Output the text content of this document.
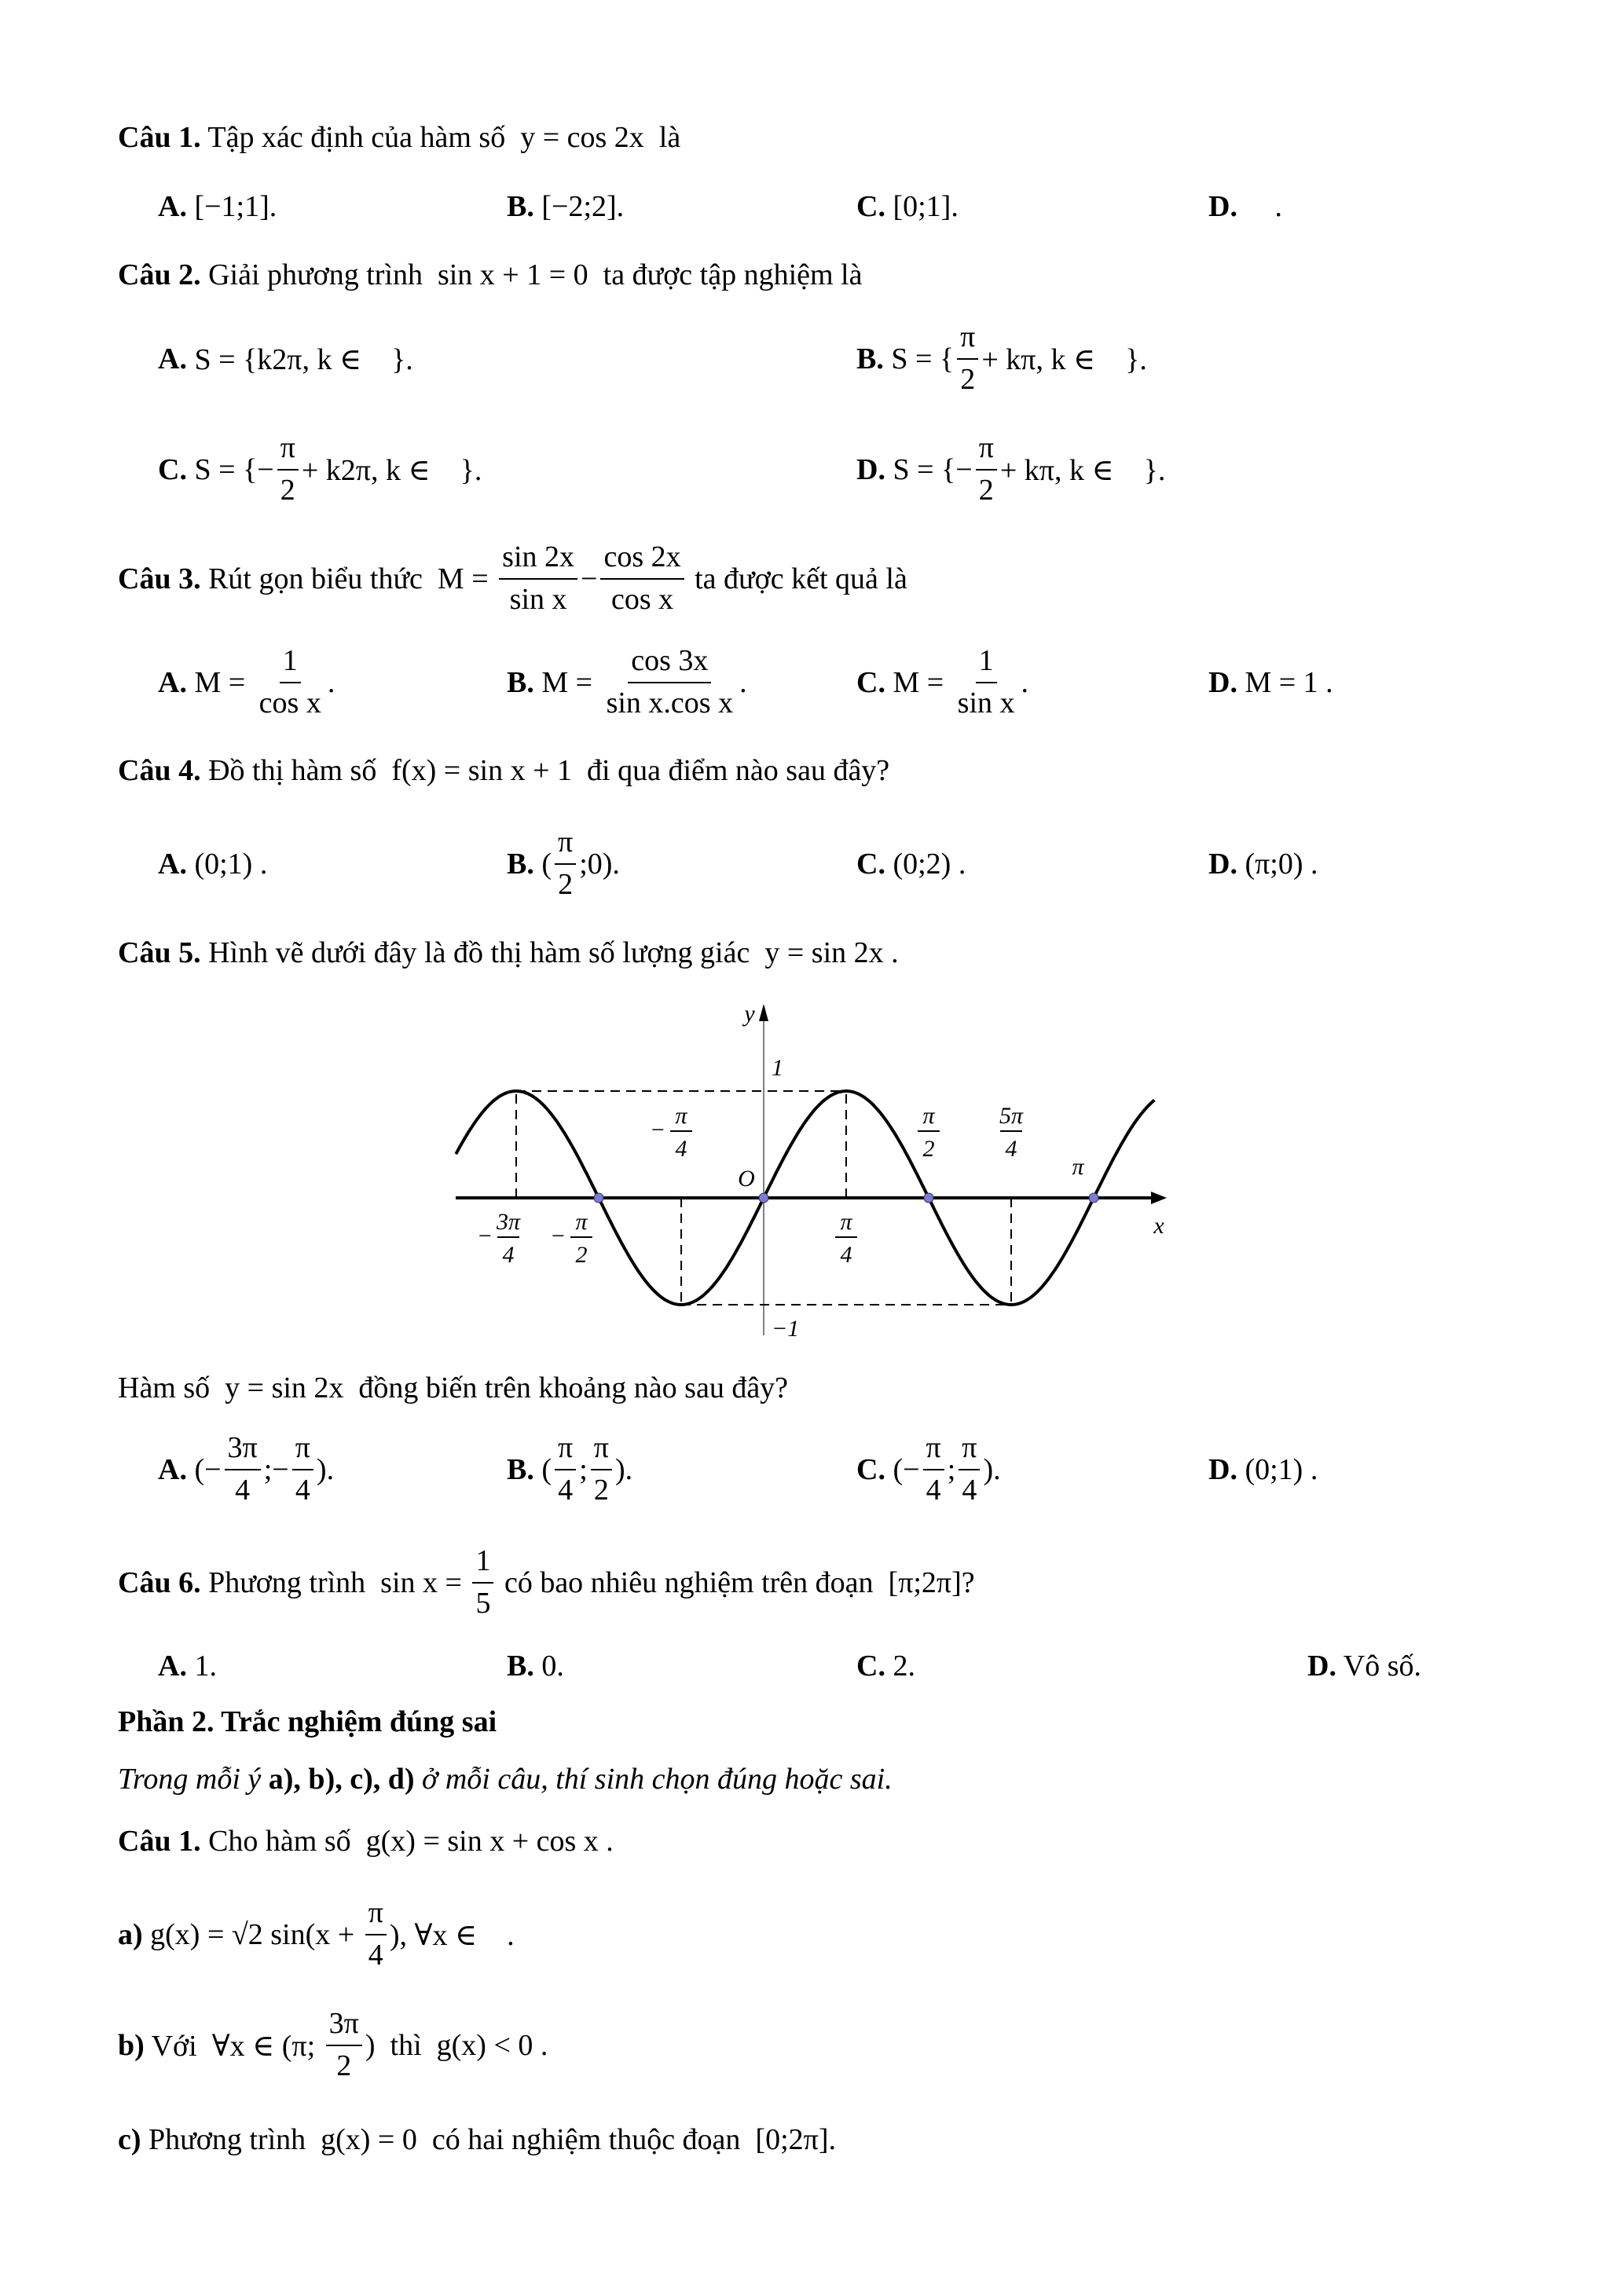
Câu 1. Tập xác định của hàm số  y = cos 2x  là
A. [−1;1].	B. [−2;2].	C. [0;1].	D. .
Câu 2. Giải phương trình  sin x + 1 = 0  ta được tập nghiệm là
A. S = {k2π, k ∈    }.	B. S = { $\frac{\pi}{2} + k\pi$, k ∈    }.
C. S = {− $\frac{\pi}{2} + k2\pi$, k ∈    }.	D. S = {− $\frac{\pi}{2} + k\pi$, k ∈    }.
Câu 3. Rút gọn biểu thức  $M = \frac{\sin 2x}{\text{sin x}} - \frac{\cos 2x}{\text{cos x}}$ ta được kết quả là
A. $M = \frac{1}{\text{cos x}}$ .	B. $M = \frac{\cos 3x}{\text{sin x.cos x}}$ .	C. $M = \frac{1}{\text{sin x}}$ .	D. M = 1 .
Câu 4. Đồ thị hàm số  f(x) = sin x + 1  đi qua điểm nào sau đây?
A. (0;1) .	B. ( $\frac{\pi}{2}$ ;0).	C. (0;2) .	D. (π;0) .
Câu 5. Hình vẽ dưới đây là đồ thị hàm số lượng giác  y = sin 2x .
Hàm số  y = sin 2x  đồng biến trên khoảng nào sau đây?
A. (− $\frac{3\pi}{4}$ ;− $\frac{\pi}{4}$ ).	B. ( $\frac{\pi}{4}$ ; $\frac{\pi}{2}$ ).	C. (− $\frac{\pi}{4}$ ; $\frac{\pi}{4}$ ).	D. (0;1) .
Câu 6. Phương trình  $\sin x = \frac{1}{5}$ có bao nhiêu nghiệm trên đoạn  [π;2π]?
A. 1.	B. 0.	C. 2.	D. Vô số.
Phần 2. Trắc nghiệm đúng sai
Trong mỗi ý a), b), c), d) ở mỗi câu, thí sinh chọn đúng hoặc sai.
Câu 1. Cho hàm số  g(x) = sin x + cos x .
a) g(x) = √2 $\sin(x + \frac{\pi}{4}$ ), ∀x ∈    .
b) Với  ∀x ∈ (π; $\frac{3\pi}{2}$ )  thì  g(x) < 0 .
c) Phương trình  g(x) = 0  có hai nghiệm thuộc đoạn  [0;2π].
y
x
O
1
−1
3π
4
−
π
2
−
π
4
−
π
4
π
2
5π
4
π
